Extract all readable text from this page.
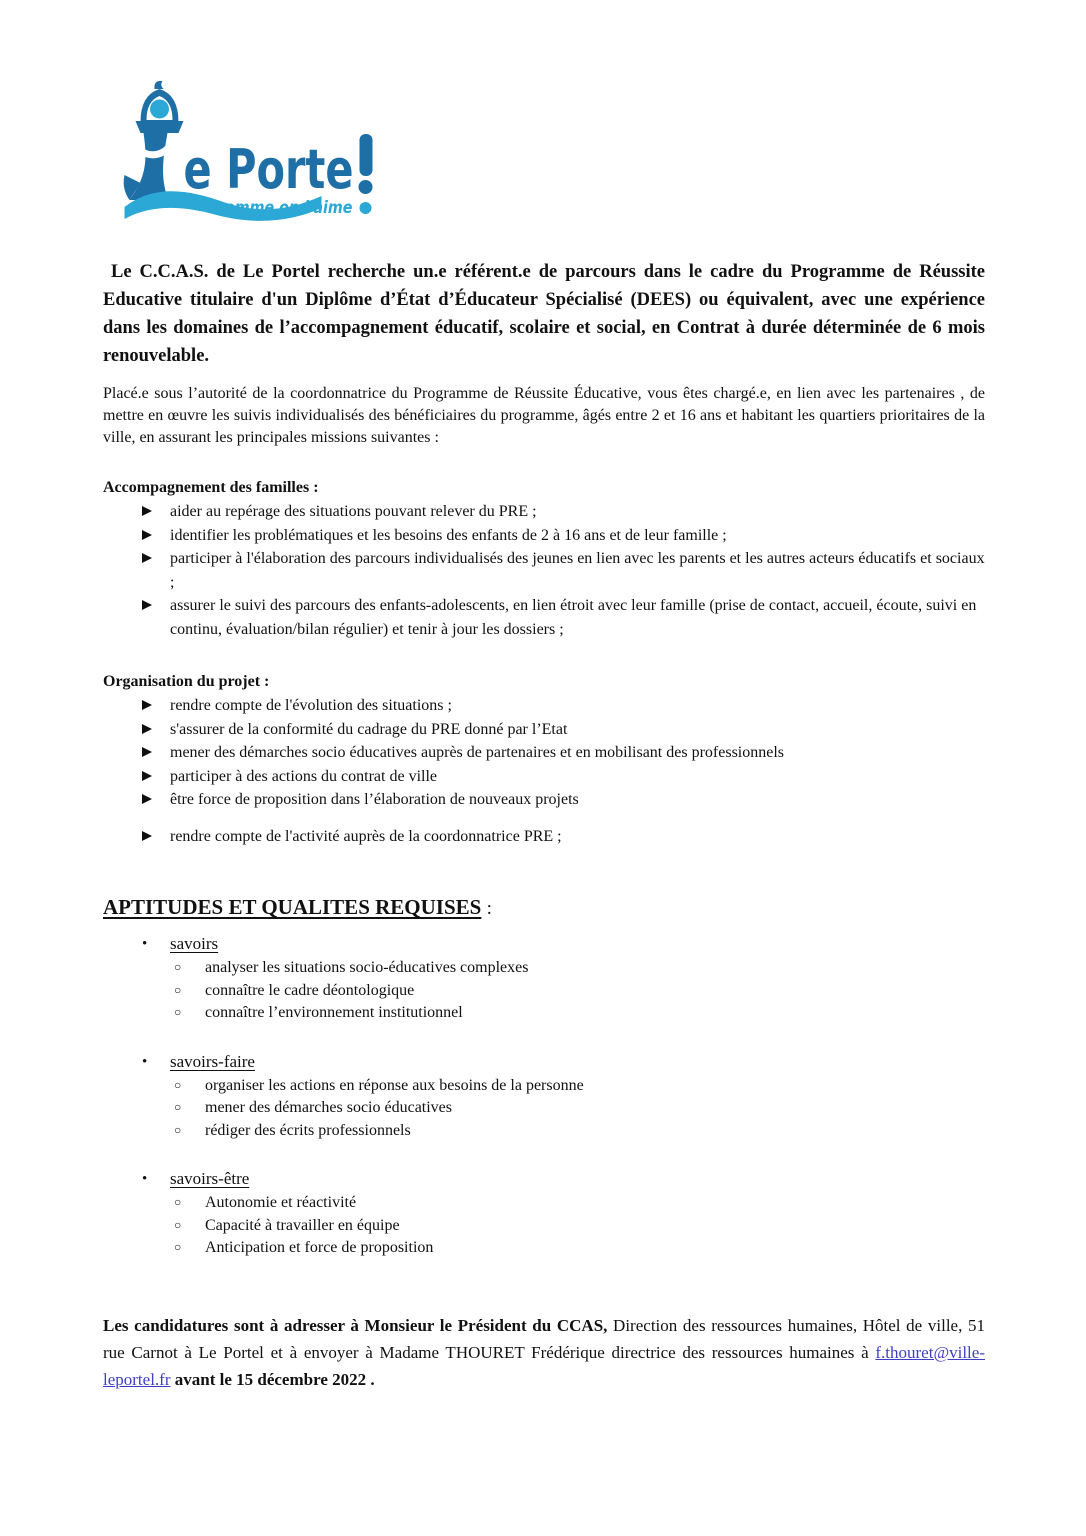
e Porte
comme on l'aime

Le C.C.A.S. de Le Portel recherche un.e référent.e de parcours dans le cadre du Programme de Réussite Educative titulaire d'un Diplôme d’État d’Éducateur Spécialisé (DEES) ou équivalent, avec une expérience dans les domaines de l’accompagnement éducatif, scolaire et social, en Contrat à durée déterminée de 6 mois renouvelable.

Placé.e sous l’autorité de la coordonnatrice du Programme de Réussite Éducative, vous êtes chargé.e, en lien avec les partenaires , de mettre en œuvre les suivis individualisés des bénéficiaires du programme, âgés entre 2 et 16 ans et habitant les quartiers prioritaires de la ville, en assurant les principales missions suivantes :

Accompagnement des familles :

aider au repérage des situations pouvant relever du PRE ;
identifier les problématiques et les besoins des enfants de 2 à 16 ans et de leur famille ;
participer à l'élaboration des parcours individualisés des jeunes en lien avec les parents et les autres acteurs éducatifs et sociaux ;
assurer le suivi des parcours des enfants-adolescents, en lien étroit avec leur famille (prise de contact, accueil, écoute, suivi en continu, évaluation/bilan régulier) et tenir à jour les dossiers ;

Organisation du projet :

rendre compte de l'évolution des situations ;
s'assurer de la conformité du cadrage du PRE donné par l’Etat
mener des démarches socio éducatives auprès de partenaires et en mobilisant des professionnels
participer à des actions du contrat de ville
être force de proposition dans l’élaboration de nouveaux projets
rendre compte de l'activité auprès de la coordonnatrice PRE ;

APTITUDES ET QUALITES REQUISES :

• savoirs
○ analyser les situations socio-éducatives complexes
○ connaître le cadre déontologique
○ connaître l’environnement institutionnel
• savoirs-faire
○ organiser les actions en réponse aux besoins de la personne
○ mener des démarches socio éducatives
○ rédiger des écrits professionnels
• savoirs-être
○ Autonomie et réactivité
○ Capacité à travailler en équipe
○ Anticipation et force de proposition

Les candidatures sont à adresser à Monsieur le Président du CCAS, Direction des ressources humaines, Hôtel de ville, 51 rue Carnot à Le Portel et à envoyer à Madame THOURET Frédérique directrice des ressources humaines à f.thouret@ville-leportel.fr avant le 15 décembre 2022 .
